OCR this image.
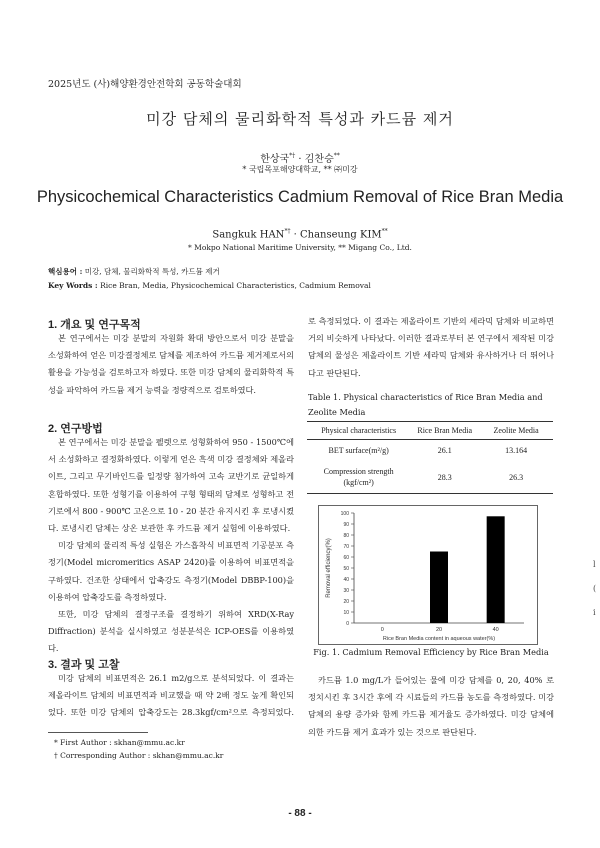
2025년도 (사)해양환경안전학회 공동학술대회
미강 담체의 물리화학적 특성과 카드뮴 제거
한상국*† · 김찬승**
* 국립목포해양대학교, ** ㈜미강
Physicochemical Characteristics Cadmium Removal of Rice Bran Media
Sangkuk HAN*† · Chanseung KIM**
* Mokpo National Maritime University, ** Migang Co., Ltd.
핵심용어 : 미강, 담체, 물리화학적 특성, 카드뮴 제거
Key Words : Rice Bran, Media, Physicochemical Characteristics, Cadmium Removal
1. 개요 및 연구목적

본 연구에서는 미강 분말의 자원화 확대 방안으로서 미강 분말을 소성화하여 얻은 미강결정체로 담체를 제조하여 카드뮴 제거제로서의 활용을 가능성을 검토하고자 하였다. 또한 미강 담체의 물리화학적 특성을 파악하여 카드뮴 제거 능력을 정량적으로 검토하였다.

2. 연구방법

본 연구에서는 미강 분말을 펠렛으로 성형화하여 950 - 1500℃에서 소성화하고 결정화하였다. 이렇게 얻은 흑색 미강 결정체와 제올라이트, 그리고 무기바인드를 일정량 첨가하여 고속 교반기로 균일하게 혼합하였다. 또한 성형기를 이용하여 구형 형태의 담체로 성형하고 전기로에서 800 - 900℃ 고온으로 10 - 20 분간 유지시킨 후 로냉시켰다. 로냉시킨 담체는 상온 보관한 후 카드뮴 제거 실험에 이용하였다.

미강 담체의 물리적 특성 실험은 가스흡착식 비표면적 기공분포 측정기(Model micromeritics ASAP 2420)를 이용하여 비표면적을 구하였다. 건조한 상태에서 압축강도 측정기(Model DBBP-100)을 이용하여 압축강도를 측정하였다.

또한, 미강 담체의 결정구조를 결정하기 위하여 XRD(X-Ray Diffraction) 분석을 실시하였고 성분분석은 ICP-OES를 이용하였다.

3. 결과 및 고찰

미강 담체의 비표면적은 26.1 m2/g으로 분석되었다. 이 결과는 제올라이트 담체의 비표면적과 비교했을 때 약 2배 정도 높게 확인되었다. 또한 미강 담체의 압축강도는 28.3kgf/cm²으로 측정되었다.

* First Author : skhan@mmu.ac.kr
† Corresponding Author : skhan@mmu.ac.kr

로 측정되었다. 이 결과는 제올라이트 기반의 세라믹 담체와 비교하면 거의 비슷하게 나타났다. 이러한 결과로부터 본 연구에서 제작된 미강 담체의 물성은 제올라이트 기반 세라믹 담체와 유사하거나 더 뛰어나다고 판단된다.

Table 1. Physical characteristics of Rice Bran Media and Zeolite Media
Physical characteristics	Rice Bran Media	Zeolite Media
BET surface(m²/g)	26.1	13.164
Compression strength (kgf/cm²)	28.3	26.3
0
10
20
30
40
50
60
70
80
90
100
0	20	40
Rice Bran Media content in aqueous water(%)
Removal efficiency(%)
Fig. 1. Cadmium Removal Efficiency by Rice Bran Media

카드뮴 1.0 mg/L가 들어있는 물에 미강 담체를 0, 20, 40% 로 정치시킨 후 3시간 후에 각 시료들의 카드뮴 농도를 측정하였다. 미강 담체의 용량 증가와 함께 카드뮴 제거율도 증가하였다. 미강 담체에 의한 카드뮴 제거 효과가 있는 것으로 판단된다.

- 88 -
l
(
i
